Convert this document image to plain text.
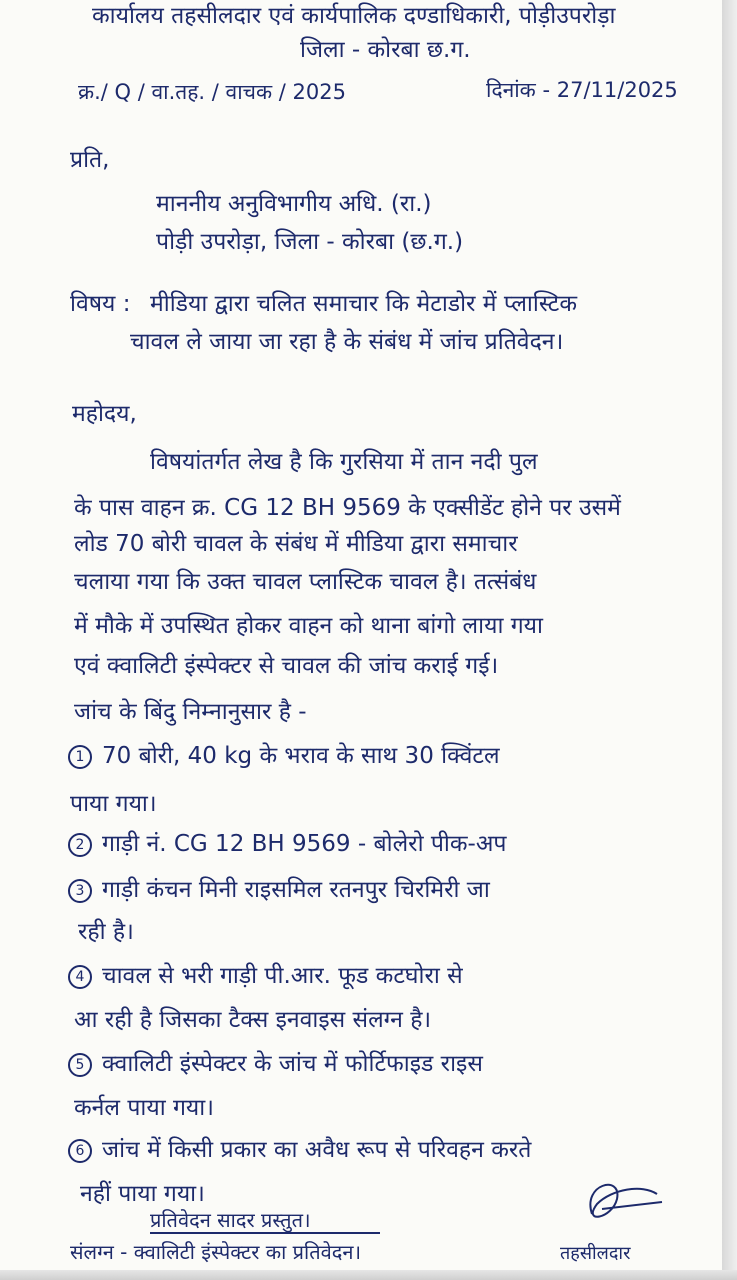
कार्यालय तहसीलदार एवं कार्यपालिक दण्डाधिकारी, पोड़ीउपरोड़ा
जिला - कोरबा छ.ग.
क्र./ Q / वा.तह. / वाचक / 2025	दिनांक - 27/11/2025
प्रति,
माननीय अनुविभागीय अधि. (रा.)
पोड़ी उपरोड़ा, जिला - कोरबा (छ.ग.)
विषय : मीडिया द्वारा चलित समाचार कि मेटाडोर में प्लास्टिक
चावल ले जाया जा रहा है के संबंध में जांच प्रतिवेदन।
महोदय,
विषयांतर्गत लेख है कि गुरसिया में तान नदी पुल
के पास वाहन क्र. CG 12 BH 9569 के एक्सीडेंट होने पर उसमें
लोड 70 बोरी चावल के संबंध में मीडिया द्वारा समाचार
चलाया गया कि उक्त चावल प्लास्टिक चावल है। तत्संबंध
में मौके में उपस्थित होकर वाहन को थाना बांगो लाया गया
एवं क्वालिटी इंस्पेक्टर से चावल की जांच कराई गई।
जांच के बिंदु निम्नानुसार है -
1 70 बोरी, 40 kg के भराव के साथ 30 क्विंटल
पाया गया।
2 गाड़ी नं. CG 12 BH 9569 - बोलेरो पीक-अप
3 गाड़ी कंचन मिनी राइसमिल रतनपुर चिरमिरी जा
रही है।
4 चावल से भरी गाड़ी पी.आर. फूड कटघोरा से
आ रही है जिसका टैक्स इनवाइस संलग्न है।
5 क्वालिटी इंस्पेक्टर के जांच में फोर्टिफाइड राइस
कर्नल पाया गया।
6 जांच में किसी प्रकार का अवैध रूप से परिवहन करते
नहीं पाया गया।
प्रतिवेदन सादर प्रस्तुत।
संलग्न - क्वालिटी इंस्पेक्टर का प्रतिवेदन।	तहसीलदार
